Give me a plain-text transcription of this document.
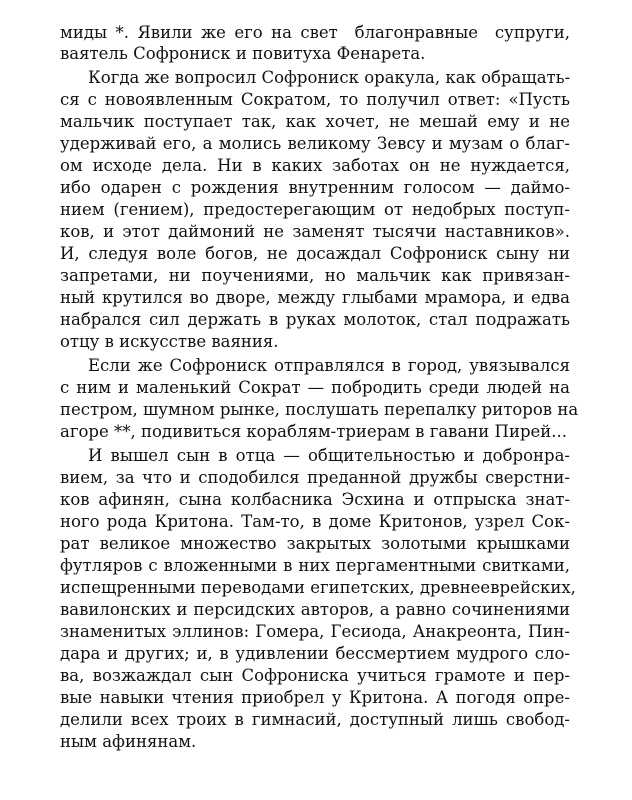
миды *. Явили же его на свет  благонравные  супруги,
ваятель Софрониск и повитуха Фенарета.
Когда же вопросил Софрониск оракула, как обращать-
ся с новоявленным Сократом, то получил ответ: «Пусть
мальчик поступает так, как хочет, не мешай ему и не
удерживай его, а молись великому Зевсу и музам о благ-
ом исходе дела. Ни в каких заботах он не нуждается,
ибо одарен с рождения внутренним голосом — даймо-
нием (гением), предостерегающим от недобрых поступ-
ков, и этот даймоний не заменят тысячи наставников».
И, следуя воле богов, не досаждал Софрониск сыну ни
запретами, ни поучениями, но мальчик как привязан-
ный крутился во дворе, между глыбами мрамора, и едва
набрался сил держать в руках молоток, стал подражать
отцу в искусстве ваяния.
Если же Софрониск отправлялся в город, увязывался
с ним и маленький Сократ — побродить среди людей на
пестром, шумном рынке, послушать перепалку риторов на
агоре **, подивиться кораблям-триерам в гавани Пирей...
И вышел сын в отца — общительностью и добронра-
вием, за что и сподобился преданной дружбы сверстни-
ков афинян, сына колбасника Эсхина и отпрыска знат-
ного рода Критона. Там-то, в доме Критонов, узрел Сок-
рат великое множество закрытых золотыми крышками
футляров с вложенными в них пергаментными свитками,
испещренными переводами египетских, древнееврейских,
вавилонских и персидских авторов, а равно сочинениями
знаменитых эллинов: Гомера, Гесиода, Анакреонта, Пин-
дара и других; и, в удивлении бессмертием мудрого сло-
ва, возжаждал сын Софрониска учиться грамоте и пер-
вые навыки чтения приобрел у Критона. А погодя опре-
делили всех троих в гимнасий, доступный лишь свобод-
ным афинянам.
